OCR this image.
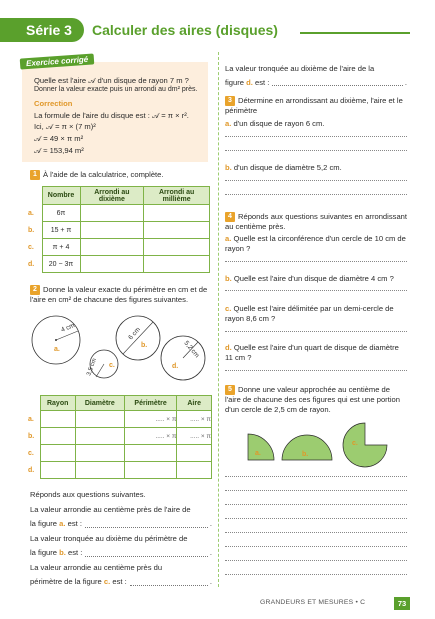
Série 3 Calculer des aires (disques)
Exercice corrigé
Quelle est l'aire 𝒜 d'un disque de rayon 7 m ?
Donner la valeur exacte puis un arrondi au dm² près.
Correction
La formule de l'aire du disque est : 𝒜 = π × r².
Ici, 𝒜 = π × (7 m)²
𝒜 = 49 × π m²
𝒜 ≈ 153,94 m²
1 À l'aide de la calculatrice, complète.
	Nombre	Arrondi au dixième	Arrondi au millième
a.	6π		
b.	15 + π		
c.	π + 4		
d.	20 − 3π		
2 Donne la valeur exacte du périmètre en cm et de l'aire en cm² de chacune des figures suivantes.
4 cm
a.
6 cm
b.
3,5 cm c.
5,2 cm
d.
	Rayon	Diamètre	Périmètre	Aire
a.			..... × π	..... × π
b.			..... × π	..... × π
c.				
d.				
Réponds aux questions suivantes.
La valeur arrondie au centième près de l'aire de
la figure
a.
est :	.
La valeur tronquée au dixième du périmètre de
la figure
b.
est :	.
La valeur arrondie au centième près du
périmètre de la figure
c.
est :	.
La valeur tronquée au dixième de l'aire de la
figure
d.
est :	.
3 Détermine en arrondissant au dixième, l'aire et le périmètre
a. d'un disque de rayon 6 cm.
b. d'un disque de diamètre 5,2 cm.
4 Réponds aux questions suivantes en arrondissant au centième près.
a. Quelle est la circonférence d'un cercle de 10 cm de rayon ?
b. Quelle est l'aire d'un disque de diamètre 4 cm ?
c. Quelle est l'aire délimitée par un demi-cercle de rayon 8,6 cm ?
d. Quelle est l'aire d'un quart de disque de diamètre 11 cm ?
5 Donne une valeur approchée au centième de l'aire de chacune des ces figures qui est une portion d'un cercle de 2,5 cm de rayon.
a.	b.
c.
GRANDEURS ET MESURES • C	73
